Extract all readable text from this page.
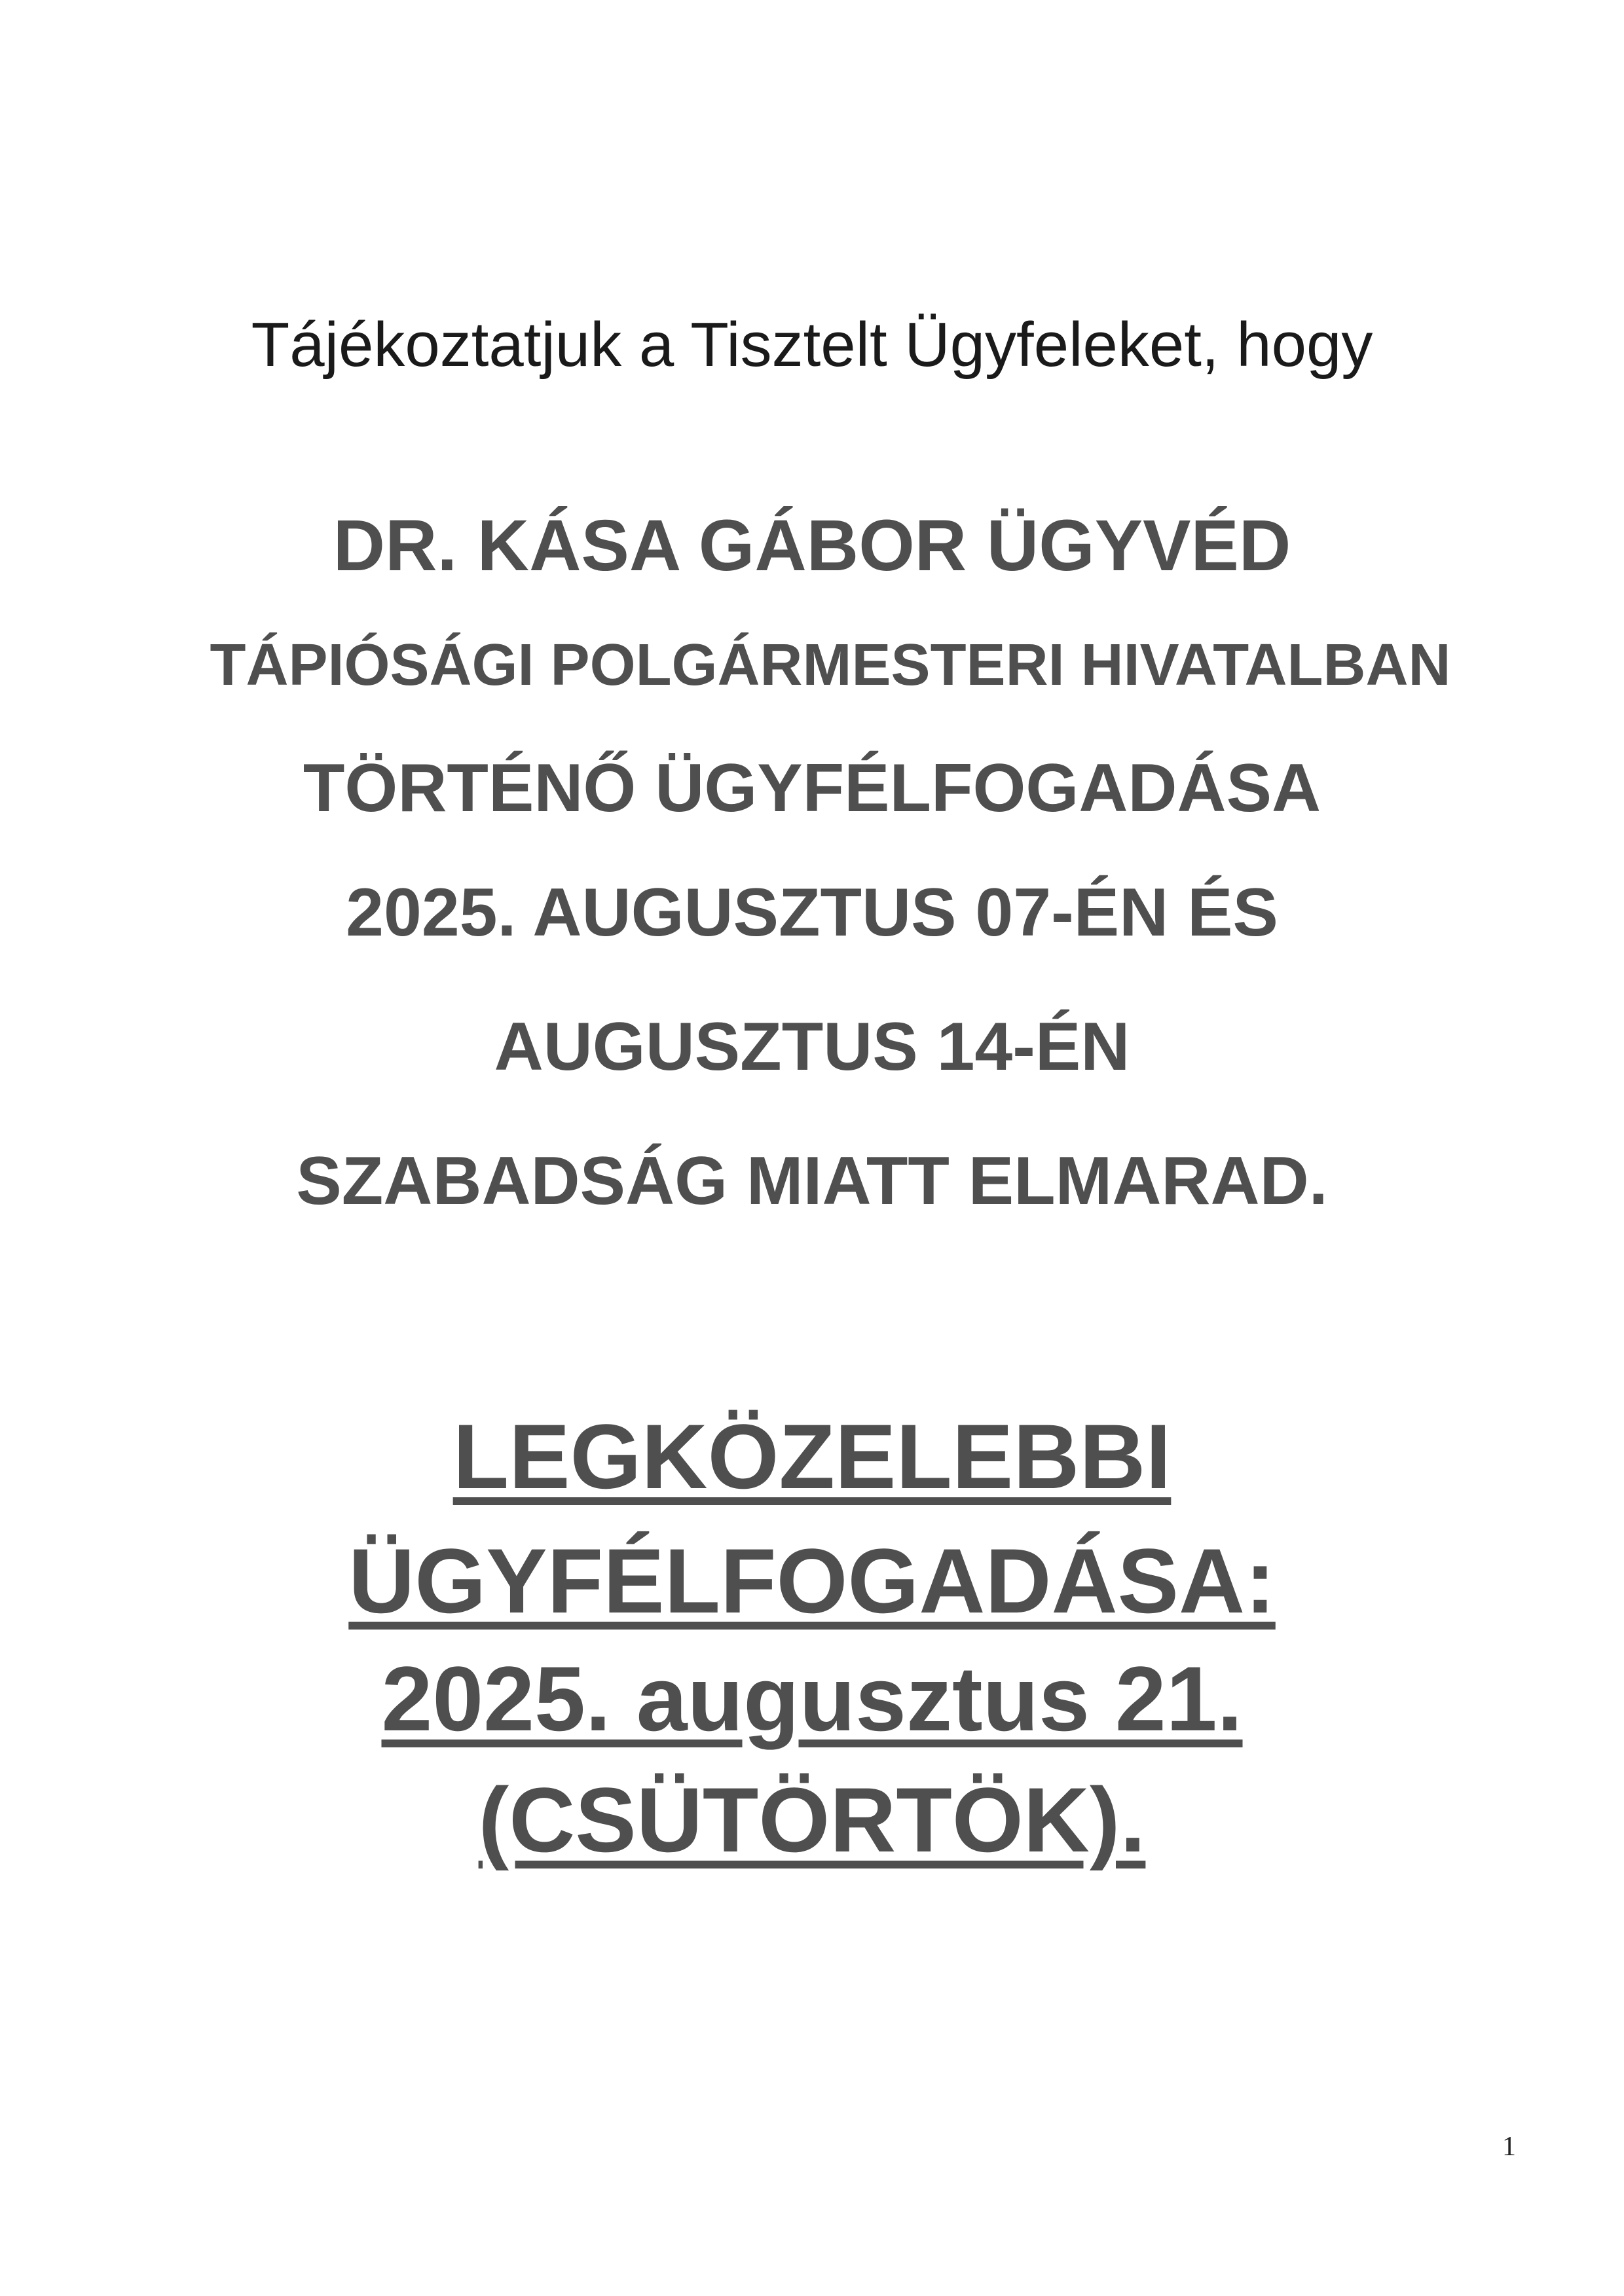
Tájékoztatjuk a Tisztelt Ügyfeleket, hogy

DR. KÁSA GÁBOR ÜGYVÉD

TÁPIÓSÁGI POLGÁRMESTERI HIVATALBAN

TÖRTÉNŐ ÜGYFÉLFOGADÁSA

2025. AUGUSZTUS 07-ÉN ÉS

AUGUSZTUS 14-ÉN

SZABADSÁG MIATT ELMARAD.

LEGKÖZELEBBI

ÜGYFÉLFOGADÁSA:

2025. augusztus 21.

(CSÜTÖRTÖK).

1
